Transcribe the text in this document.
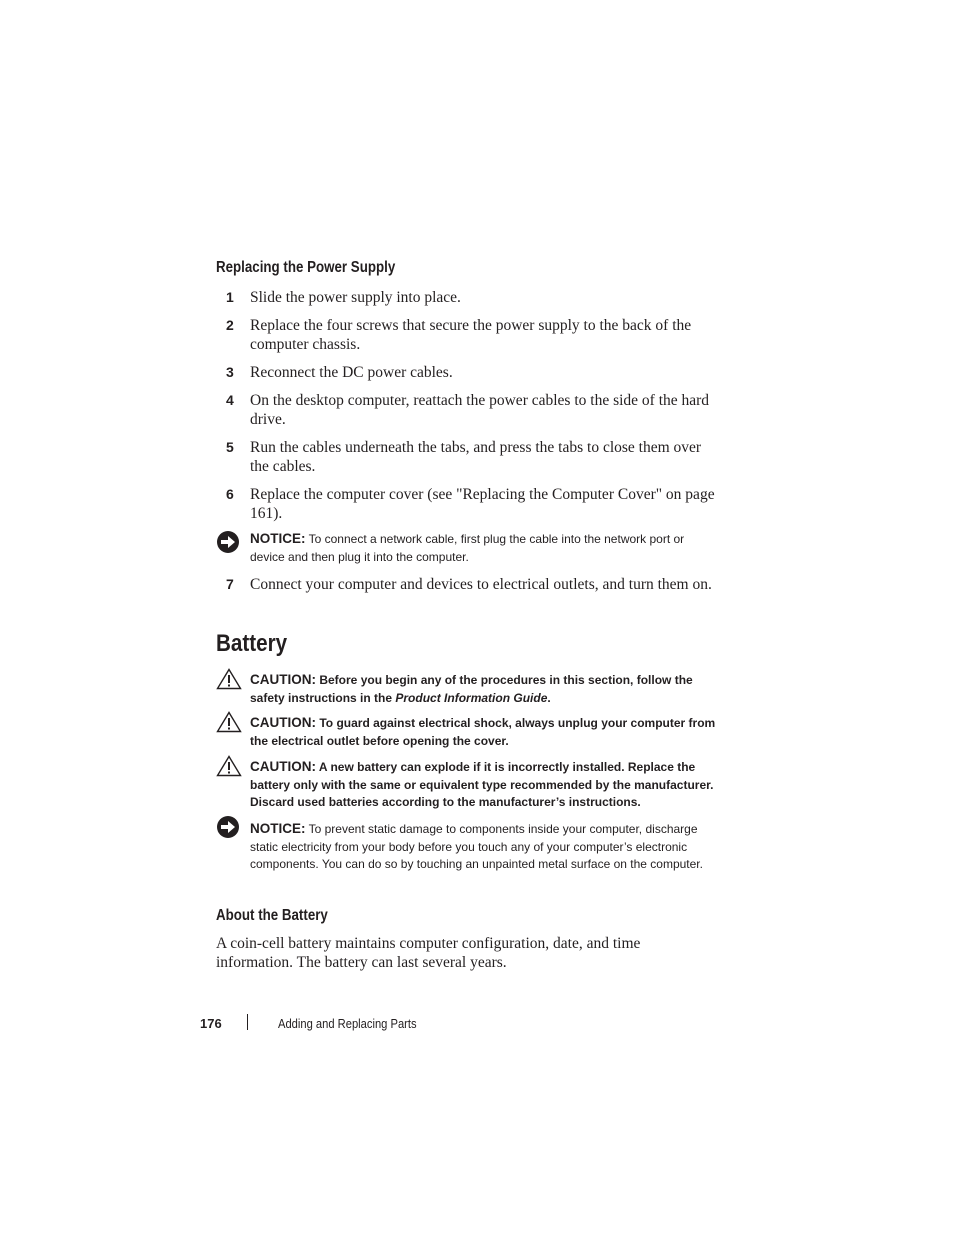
Replacing the Power Supply
1 Slide the power supply into place.
2 Replace the four screws that secure the power supply to the back of the computer chassis.
3 Reconnect the DC power cables.
4 On the desktop computer, reattach the power cables to the side of the hard drive.
5 Run the cables underneath the tabs, and press the tabs to close them over the cables.
6 Replace the computer cover (see "Replacing the Computer Cover" on page 161).
NOTICE: To connect a network cable, first plug the cable into the network port or device and then plug it into the computer.
7 Connect your computer and devices to electrical outlets, and turn them on.
Battery
CAUTION: Before you begin any of the procedures in this section, follow the safety instructions in the Product Information Guide.
CAUTION: To guard against electrical shock, always unplug your computer from the electrical outlet before opening the cover.
CAUTION: A new battery can explode if it is incorrectly installed. Replace the battery only with the same or equivalent type recommended by the manufacturer. Discard used batteries according to the manufacturer’s instructions.
NOTICE: To prevent static damage to components inside your computer, discharge static electricity from your body before you touch any of your computer’s electronic components. You can do so by touching an unpainted metal surface on the computer.
About the Battery
A coin-cell battery maintains computer configuration, date, and time information. The battery can last several years.
176	Adding and Replacing Parts
